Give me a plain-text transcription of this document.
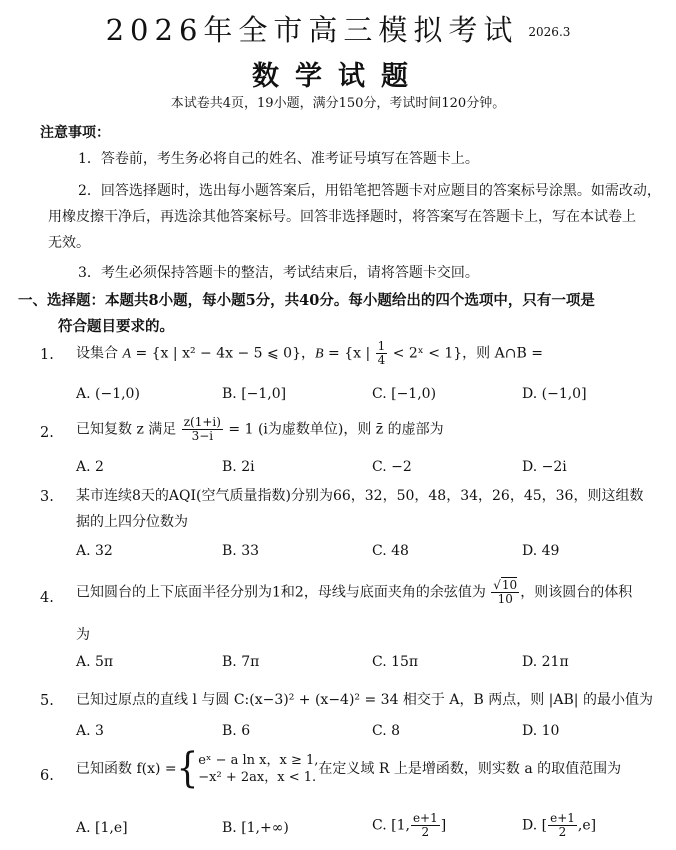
2026年全市高三模拟考试 2026.3
数学试题
本试卷共4页，19小题，满分150分，考试时间120分钟。
注意事项：
1．答卷前，考生务必将自己的姓名、准考证号填写在答题卡上。
2．回答选择题时，选出每小题答案后，用铅笔把答题卡对应题目的答案标号涂黑。如需改动，
用橡皮擦干净后，再选涂其他答案标号。回答非选择题时，将答案写在答题卡上，写在本试卷上
无效。
3．考生必须保持答题卡的整洁，考试结束后，请将答题卡交回。
一、选择题：本题共8小题，每小题5分，共40分。每小题给出的四个选项中，只有一项是
符合题目要求的。
1. 设集合 A = {x | x² − 4x − 5 ⩽ 0}，B = {x | $\frac{1}{4}$ < 2ˣ < 1}，则 A∩B =
A. (−1,0)	B. [−1,0]	C. [−1,0)	D. (−1,0]
2. 已知复数 z 满足 $\frac{z(1+i)}{3-i} = 1$ (i为虚数单位)，则 z̄ 的虚部为
A. 2	B. 2i	C. −2	D. −2i
3. 某市连续8天的AQI(空气质量指数)分别为66，32，50，48，34，26，45，36，则这组数
据的上四分位数为
A. 32	B. 33	C. 48	D. 49
4. 已知圆台的上下底面半径分别为1和2，母线与底面夹角的余弦值为 $\frac{√10}{10}$ ，则该圆台的体积
为
A. 5π	B. 7π	C. 15π	D. 21π
5. 已知过原点的直线 l 与圆 C:(x−3)² + (x−4)² = 34 相交于 A，B 两点，则 |AB| 的最小值为
A. 3	B. 6	C. 8	D. 10
6. 已知函数 f(x) ={ eˣ − a ln x，x ≥ 1,
−x² + 2ax，x < 1.
在定义域 R 上是增函数，则实数 a 的取值范围为
A. [1,e]	B. [1,+∞)	C. [1, $\frac{e+1}{2}$ ]	D. [ $\frac{e+1}{2} ,e$]
